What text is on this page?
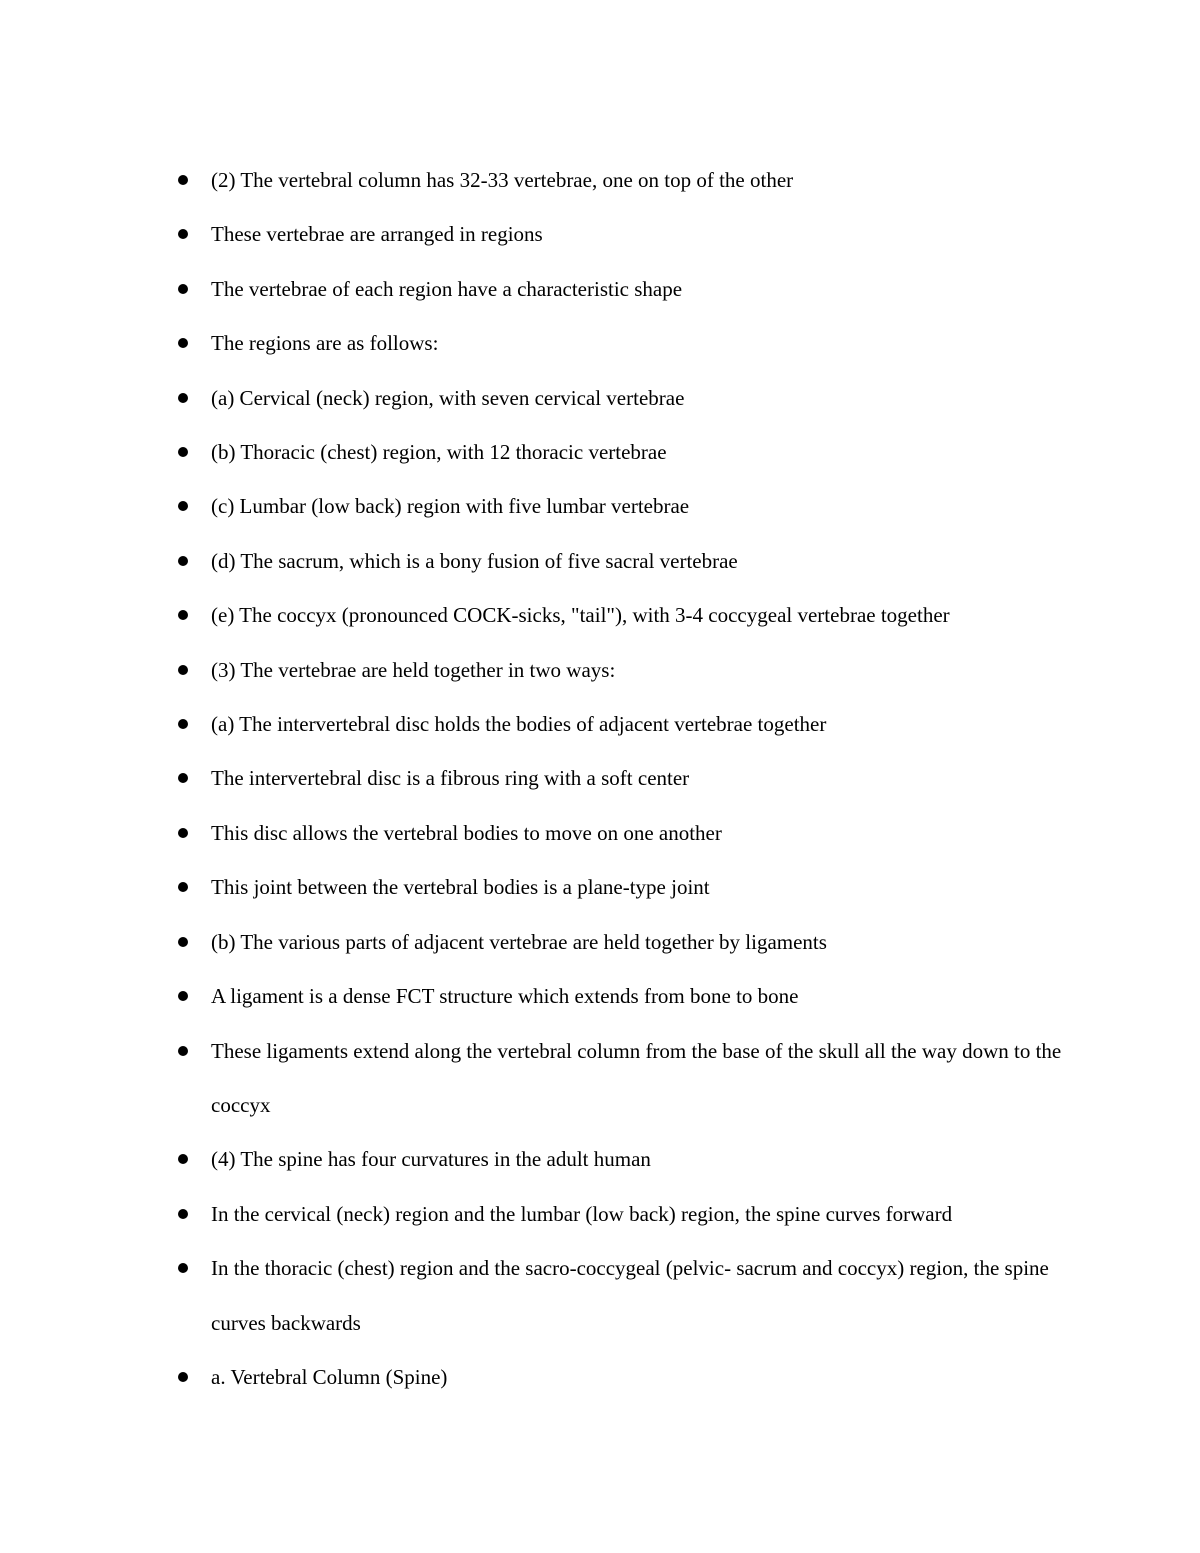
(2) The vertebral column has 32-33 vertebrae, one on top of the other
These vertebrae are arranged in regions
The vertebrae of each region have a characteristic shape
The regions are as follows:
(a) Cervical (neck) region, with seven cervical vertebrae
(b) Thoracic (chest) region, with 12 thoracic vertebrae
(c) Lumbar (low back) region with five lumbar vertebrae
(d) The sacrum, which is a bony fusion of five sacral vertebrae
(e) The coccyx (pronounced COCK-sicks, "tail"), with 3-4 coccygeal vertebrae together
(3) The vertebrae are held together in two ways:
(a) The intervertebral disc holds the bodies of adjacent vertebrae together
The intervertebral disc is a fibrous ring with a soft center
This disc allows the vertebral bodies to move on one another
This joint between the vertebral bodies is a plane-type joint
(b) The various parts of adjacent vertebrae are held together by ligaments
A ligament is a dense FCT structure which extends from bone to bone
These ligaments extend along the vertebral column from the base of the skull all the way down to the coccyx
(4) The spine has four curvatures in the adult human
In the cervical (neck) region and the lumbar (low back) region, the spine curves forward
In the thoracic (chest) region and the sacro-coccygeal (pelvic- sacrum and coccyx) region, the spine curves backwards
a. Vertebral Column (Spine)
